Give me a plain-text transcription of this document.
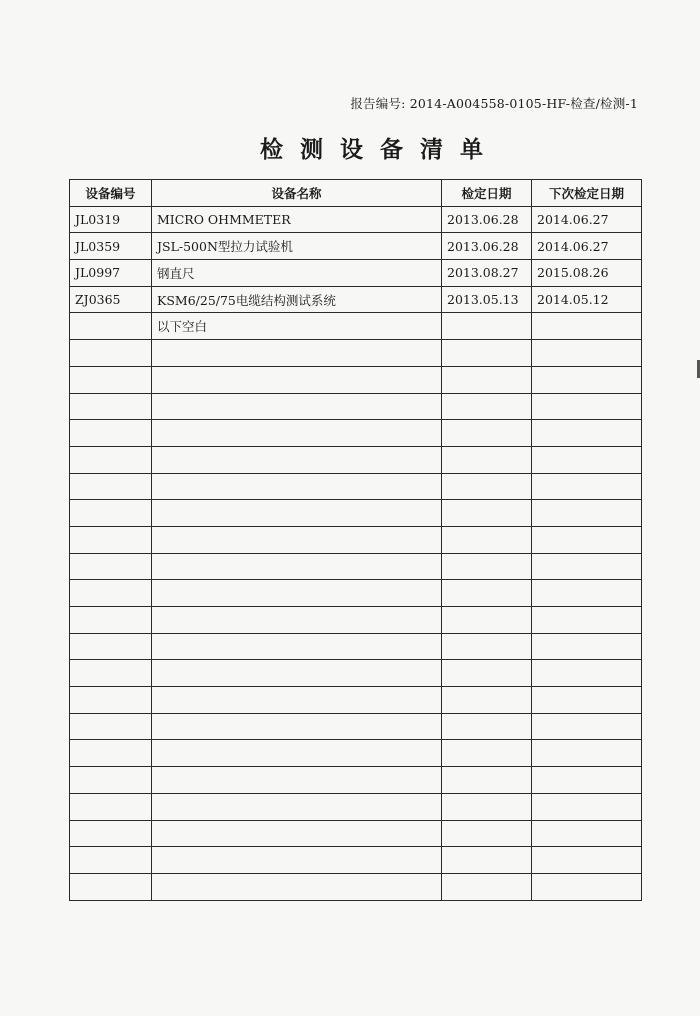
报告编号: 2014-A004558-0105-HF-检查/检测-1
检测设备清单
设备编号	设备名称	检定日期	下次检定日期
JL0319	MICRO OHMMETER	2013.06.28	2014.06.27
JL0359	JSL-500N型拉力试验机	2013.06.28	2014.06.27
JL0997	钢直尺	2013.08.27	2015.08.26
ZJ0365	KSM6/25/75电缆结构测试系统	2013.05.13	2014.05.12
	以下空白		
